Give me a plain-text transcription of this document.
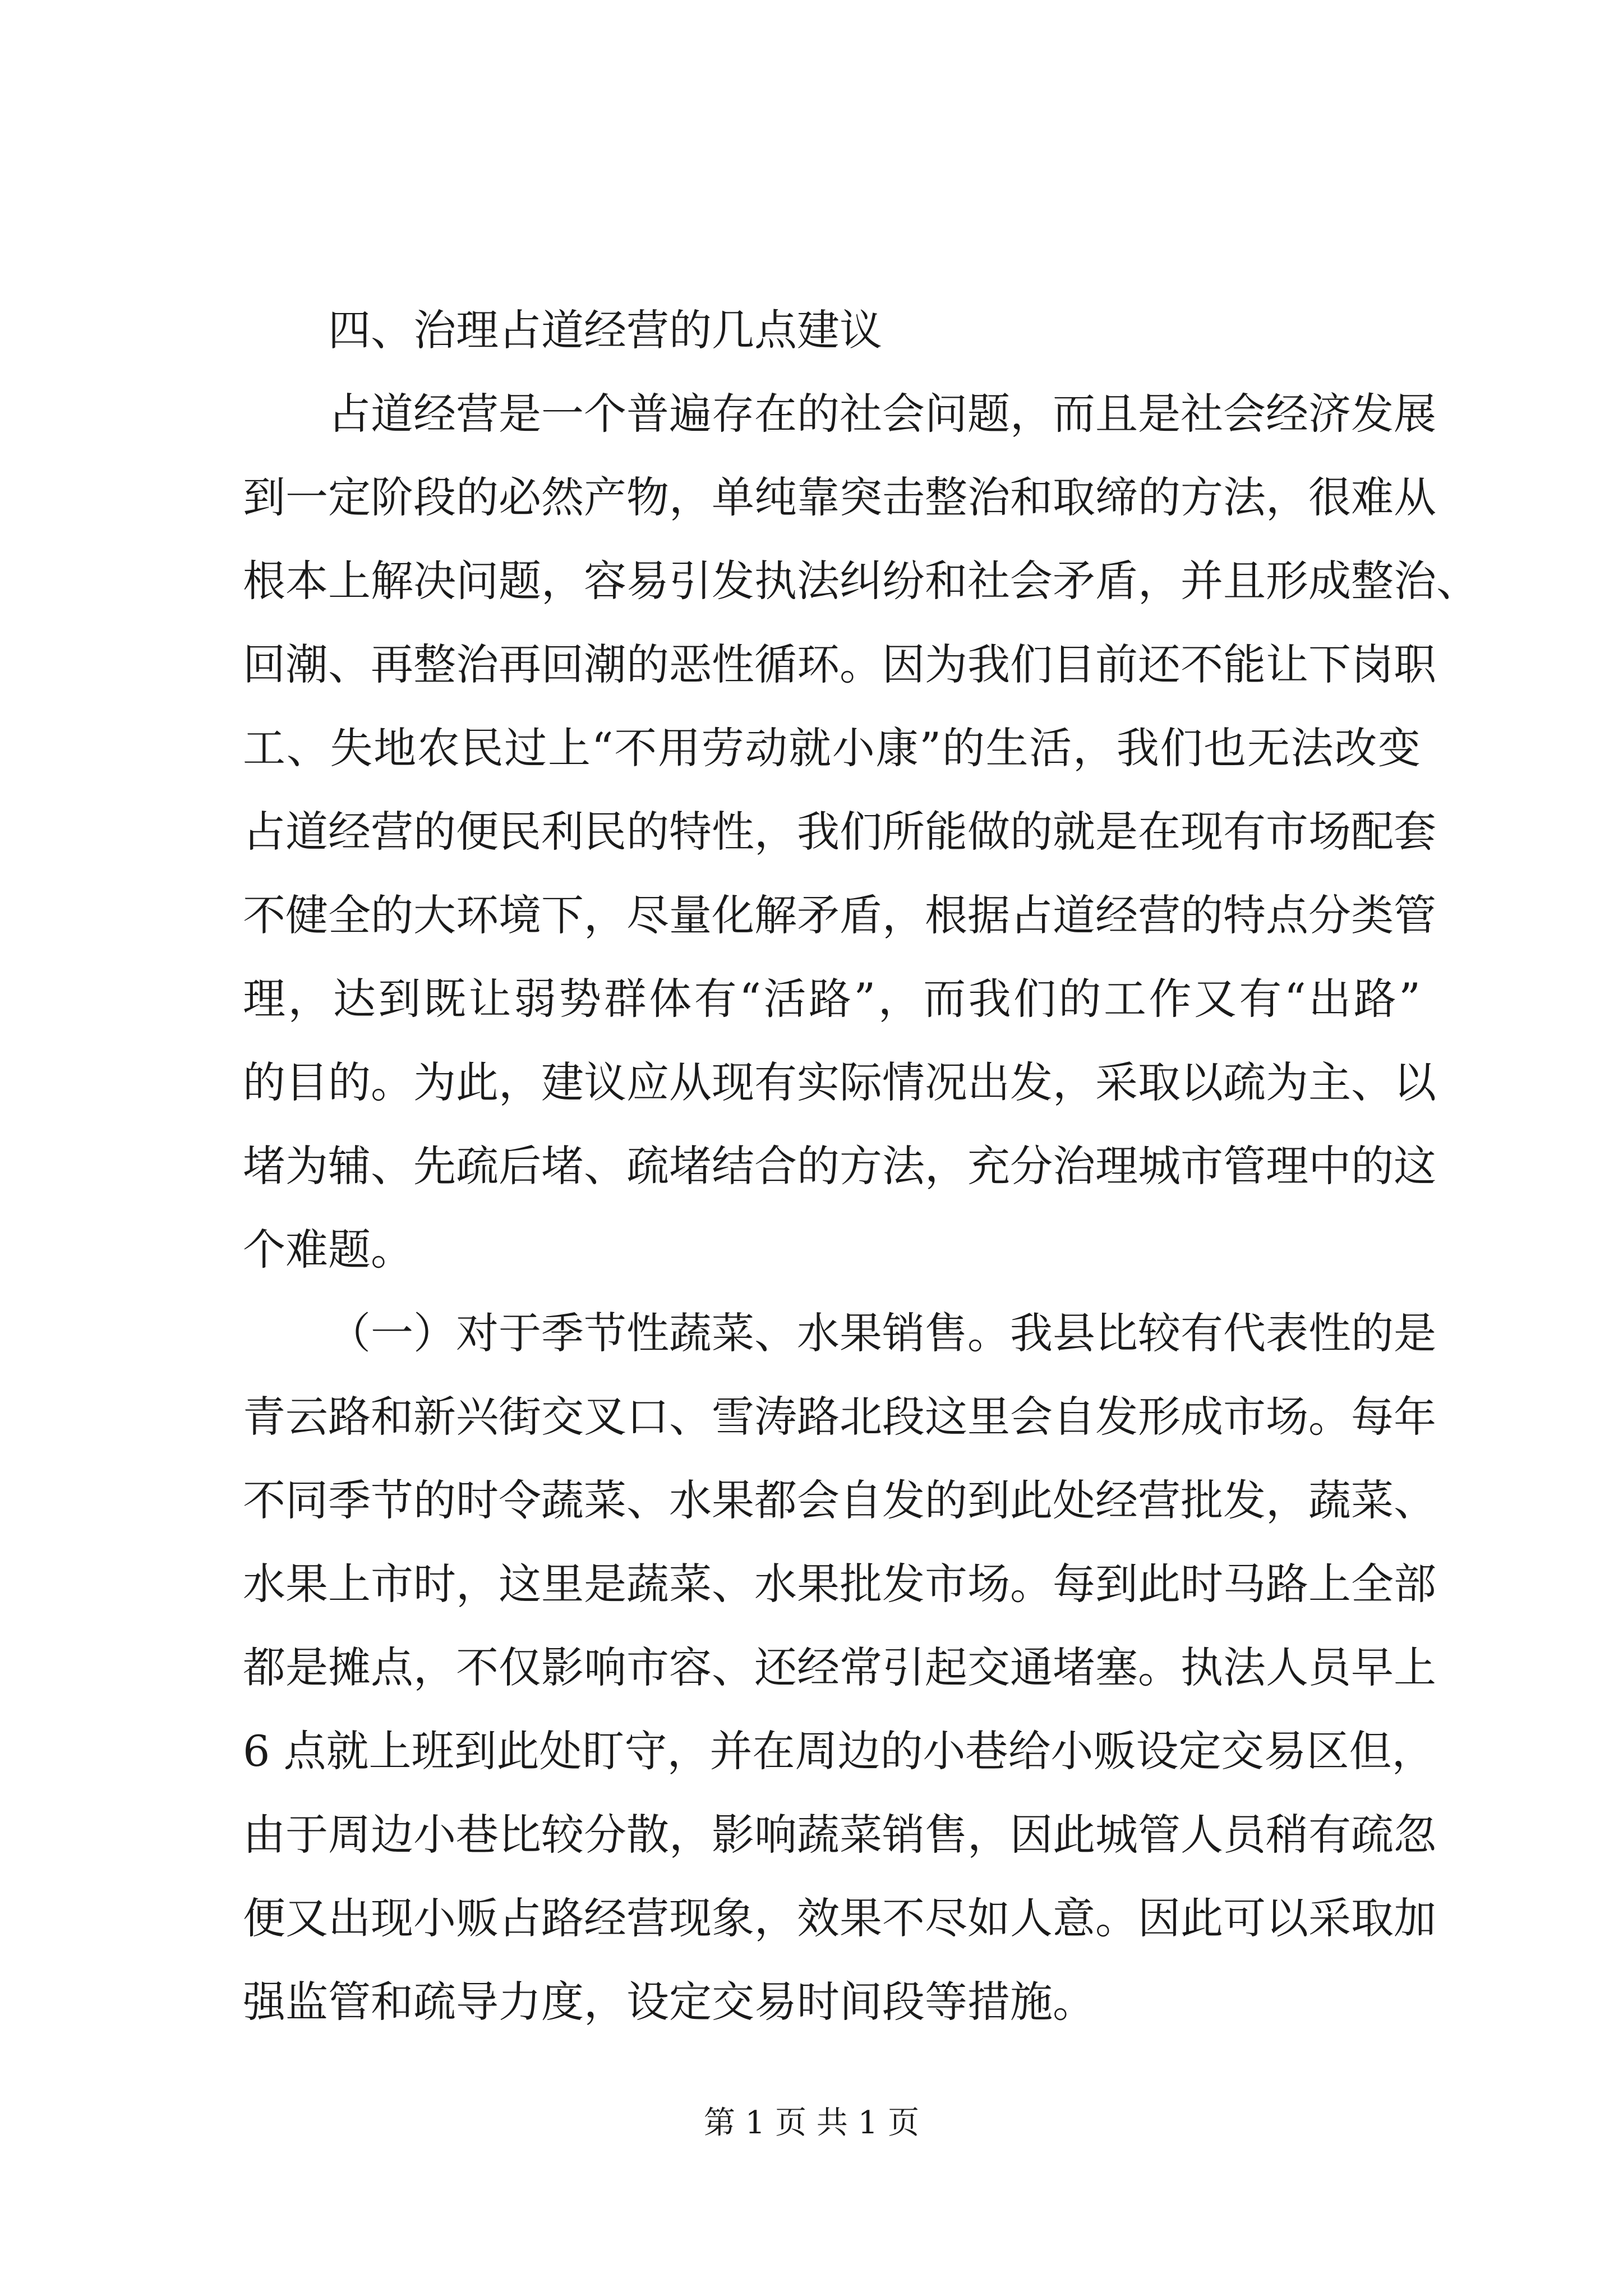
四、治理占道经营的几点建议
占道经营是一个普遍存在的社会问题，而且是社会经济发展
到一定阶段的必然产物，单纯靠突击整治和取缔的方法，很难从
根本上解决问题，容易引发执法纠纷和社会矛盾，并且形成整治、
回潮、再整治再回潮的恶性循环。因为我们目前还不能让下岗职
工、失地农民过上“不用劳动就小康”的生活，我们也无法改变
占道经营的便民利民的特性，我们所能做的就是在现有市场配套
不健全的大环境下，尽量化解矛盾，根据占道经营的特点分类管
理，达到既让弱势群体有“活路”，而我们的工作又有“出路”
的目的。为此，建议应从现有实际情况出发，采取以疏为主、以
堵为辅、先疏后堵、疏堵结合的方法，充分治理城市管理中的这
个难题。
（一）对于季节性蔬菜、水果销售。我县比较有代表性的是
青云路和新兴街交叉口、雪涛路北段这里会自发形成市场。每年
不同季节的时令蔬菜、水果都会自发的到此处经营批发，蔬菜、
水果上市时，这里是蔬菜、水果批发市场。每到此时马路上全部
都是摊点，不仅影响市容、还经常引起交通堵塞。执法人员早上
6 点就上班到此处盯守，并在周边的小巷给小贩设定交易区但，
由于周边小巷比较分散，影响蔬菜销售，因此城管人员稍有疏忽
便又出现小贩占路经营现象，效果不尽如人意。因此可以采取加
强监管和疏导力度，设定交易时间段等措施。
第 1 页 共 1 页
